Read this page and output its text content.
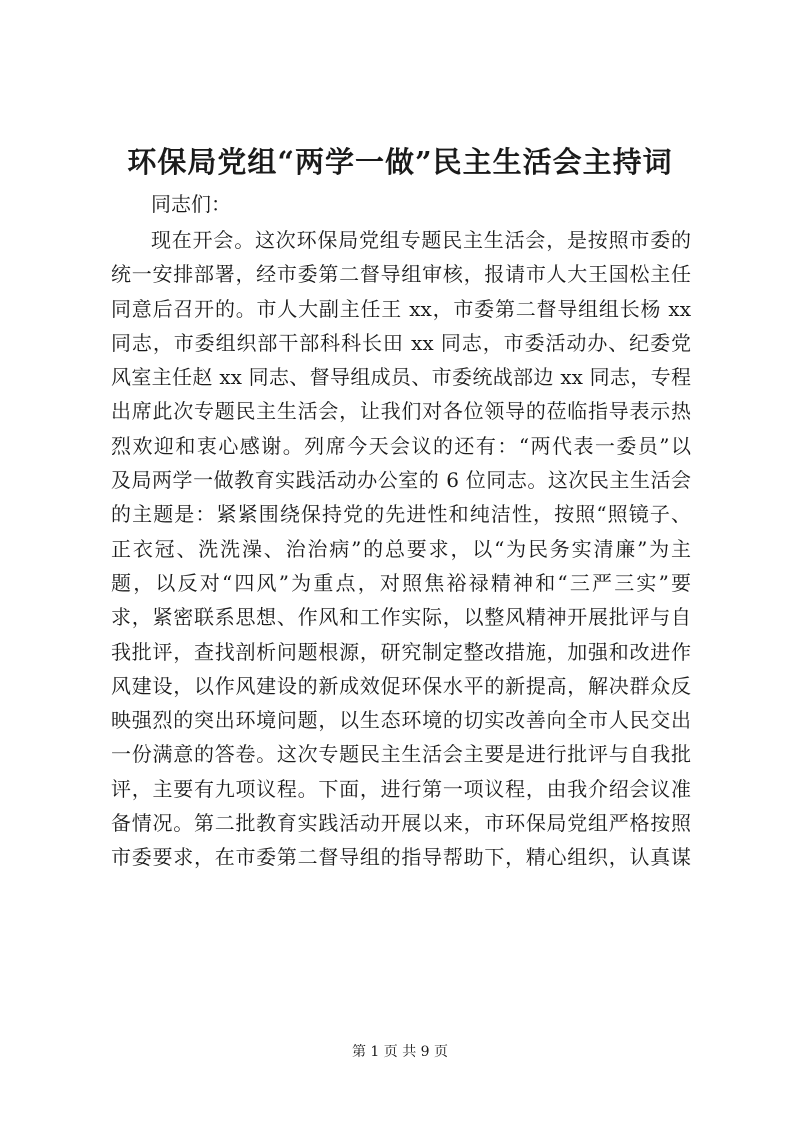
环保局党组“两学一做”民主生活会主持词
同志们：
现在开会。这次环保局党组专题民主生活会，是按照市委的
统一安排部署，经市委第二督导组审核，报请市人大王国松主任
同意后召开的。市人大副主任王 xx，市委第二督导组组长杨 xx
同志，市委组织部干部科科长田 xx 同志，市委活动办、纪委党
风室主任赵 xx 同志、督导组成员、市委统战部边 xx 同志，专程
出席此次专题民主生活会，让我们对各位领导的莅临指导表示热
烈欢迎和衷心感谢。列席今天会议的还有：“两代表一委员”以
及局两学一做教育实践活动办公室的 6 位同志。这次民主生活会
的主题是：紧紧围绕保持党的先进性和纯洁性，按照“照镜子、
正衣冠、洗洗澡、治治病”的总要求，以“为民务实清廉”为主
题，以反对“四风”为重点，对照焦裕禄精神和“三严三实”要
求，紧密联系思想、作风和工作实际，以整风精神开展批评与自
我批评，查找剖析问题根源，研究制定整改措施，加强和改进作
风建设，以作风建设的新成效促环保水平的新提高，解决群众反
映强烈的突出环境问题，以生态环境的切实改善向全市人民交出
一份满意的答卷。这次专题民主生活会主要是进行批评与自我批
评，主要有九项议程。下面，进行第一项议程，由我介绍会议准
备情况。第二批教育实践活动开展以来，市环保局党组严格按照
市委要求，在市委第二督导组的指导帮助下，精心组织，认真谋
第 1 页 共 9 页
